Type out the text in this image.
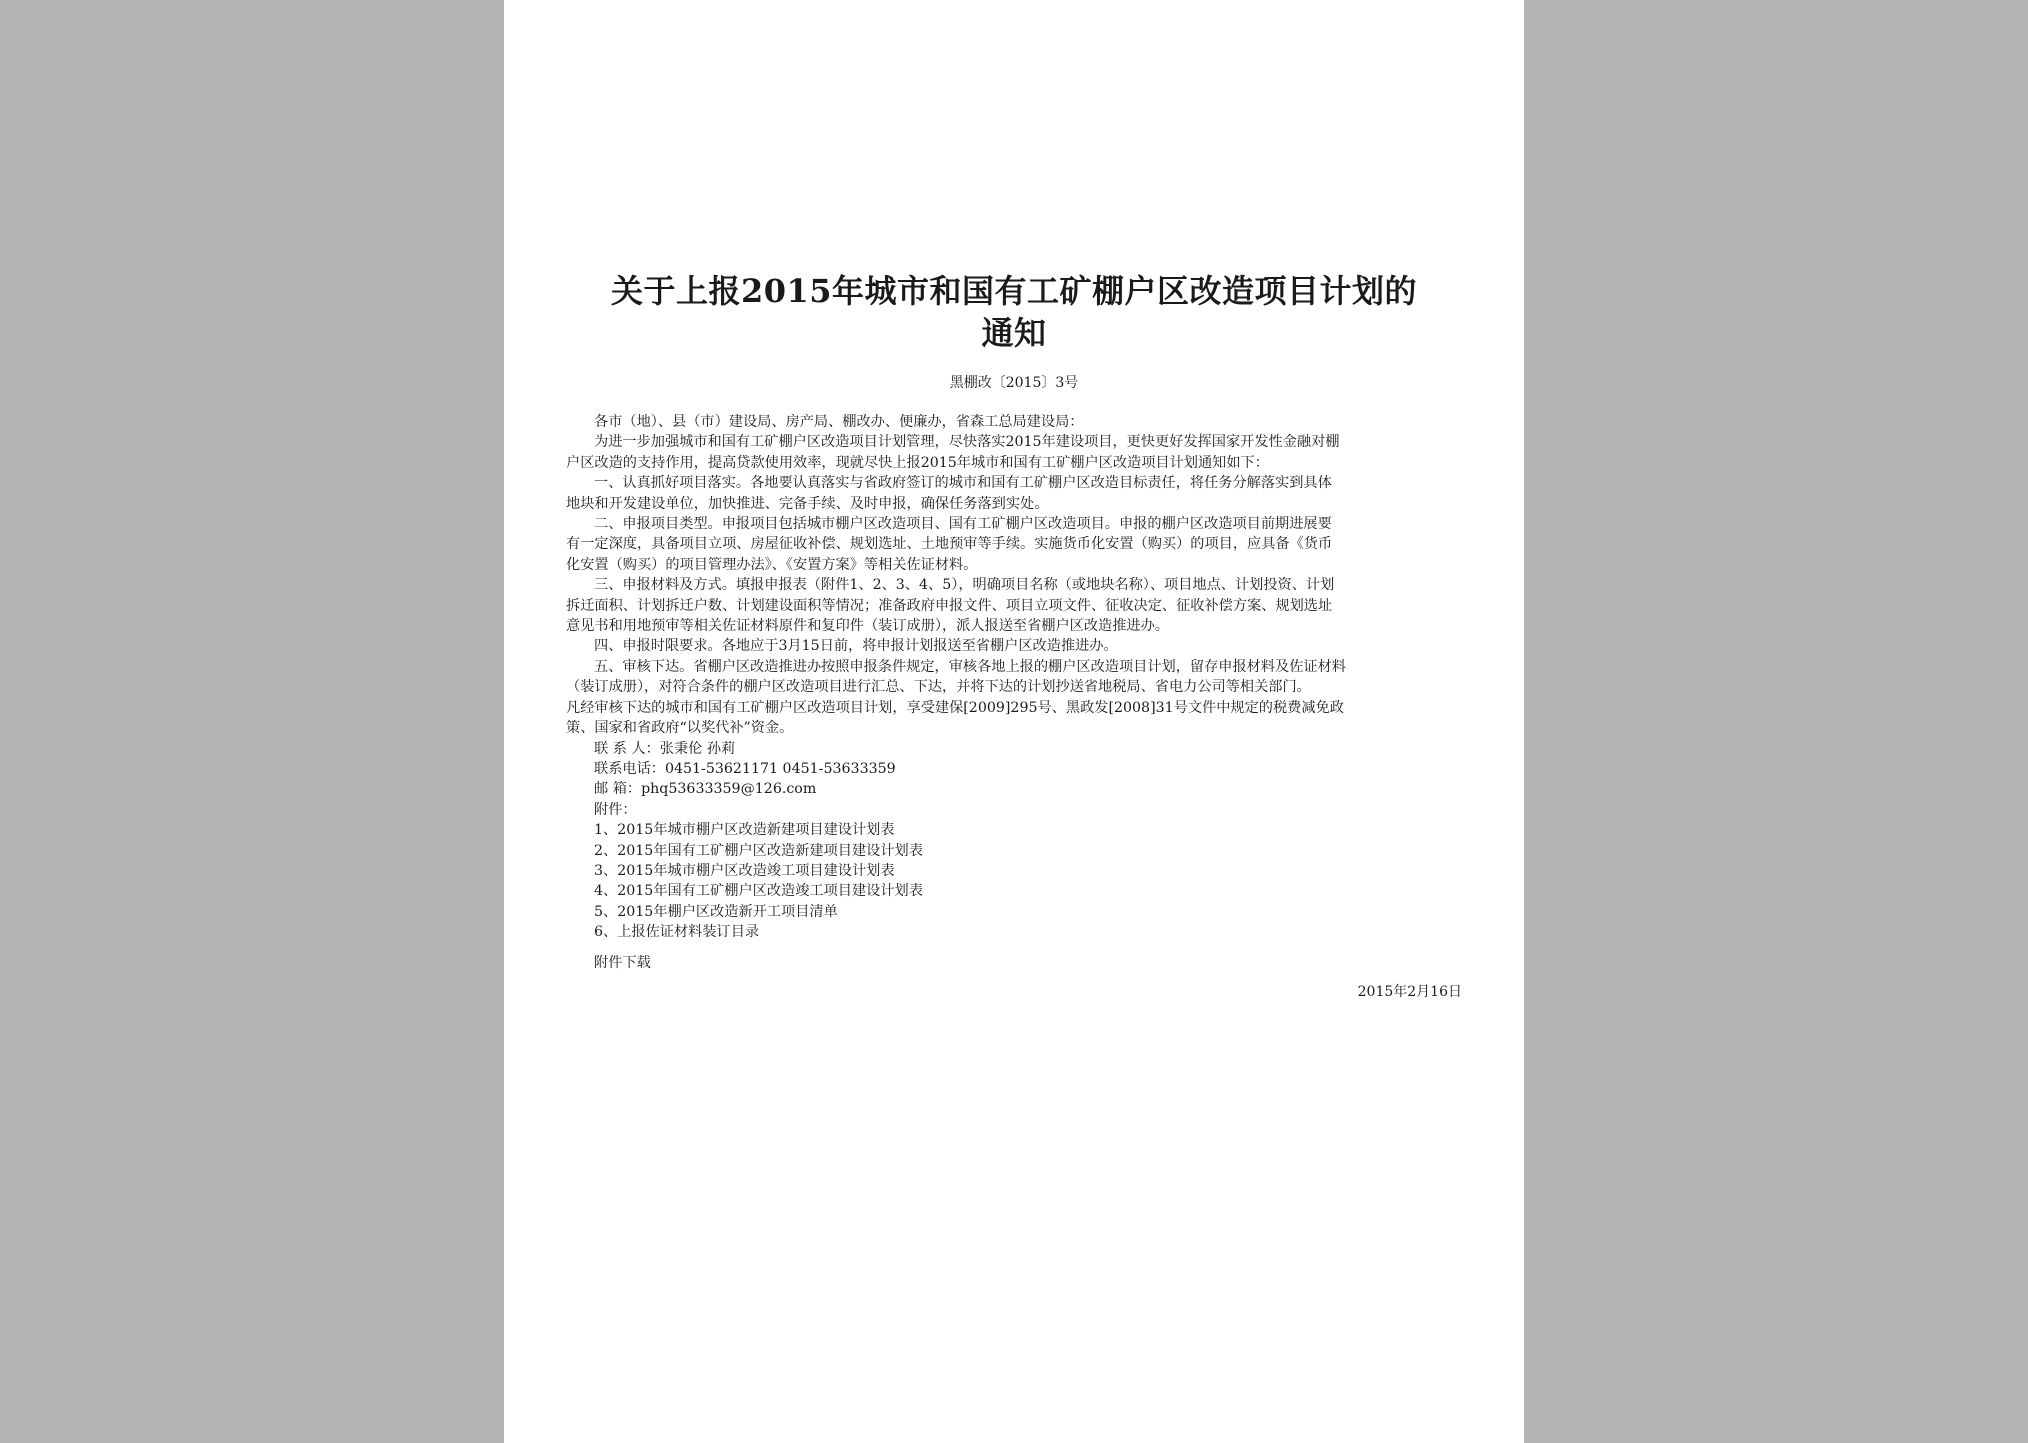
关于上报2015年城市和国有工矿棚户区改造项目计划的
通知
黑棚改〔2015〕3号

各市（地）、县（市）建设局、房产局、棚改办、便廉办，省森工总局建设局：

为进一步加强城市和国有工矿棚户区改造项目计划管理，尽快落实2015年建设项目，更快更好发挥国家开发性金融对棚

户区改造的支持作用，提高贷款使用效率，现就尽快上报2015年城市和国有工矿棚户区改造项目计划通知如下：

一、认真抓好项目落实。各地要认真落实与省政府签订的城市和国有工矿棚户区改造目标责任，将任务分解落实到具体

地块和开发建设单位，加快推进、完备手续、及时申报，确保任务落到实处。

二、申报项目类型。申报项目包括城市棚户区改造项目、国有工矿棚户区改造项目。申报的棚户区改造项目前期进展要

有一定深度，具备项目立项、房屋征收补偿、规划选址、土地预审等手续。实施货币化安置（购买）的项目，应具备《货币

化安置（购买）的项目管理办法》、《安置方案》等相关佐证材料。

三、申报材料及方式。填报申报表（附件1、2、3、4、5），明确项目名称（或地块名称）、项目地点、计划投资、计划

拆迁面积、计划拆迁户数、计划建设面积等情况；准备政府申报文件、项目立项文件、征收决定、征收补偿方案、规划选址

意见书和用地预审等相关佐证材料原件和复印件（装订成册），派人报送至省棚户区改造推进办。

四、申报时限要求。各地应于3月15日前，将申报计划报送至省棚户区改造推进办。

五、审核下达。省棚户区改造推进办按照申报条件规定，审核各地上报的棚户区改造项目计划，留存申报材料及佐证材料

（装订成册），对符合条件的棚户区改造项目进行汇总、下达，并将下达的计划抄送省地税局、省电力公司等相关部门。

凡经审核下达的城市和国有工矿棚户区改造项目计划，享受建保[2009]295号、黑政发[2008]31号文件中规定的税费减免政

策、国家和省政府“以奖代补”资金。

联 系 人：张秉伦 孙莉

联系电话：0451-53621171 0451-53633359

邮 箱：phq53633359@126.com

附件：

1、2015年城市棚户区改造新建项目建设计划表

2、2015年国有工矿棚户区改造新建项目建设计划表

3、2015年城市棚户区改造竣工项目建设计划表

4、2015年国有工矿棚户区改造竣工项目建设计划表

5、2015年棚户区改造新开工项目清单

6、上报佐证材料装订目录

附件下载

2015年2月16日
